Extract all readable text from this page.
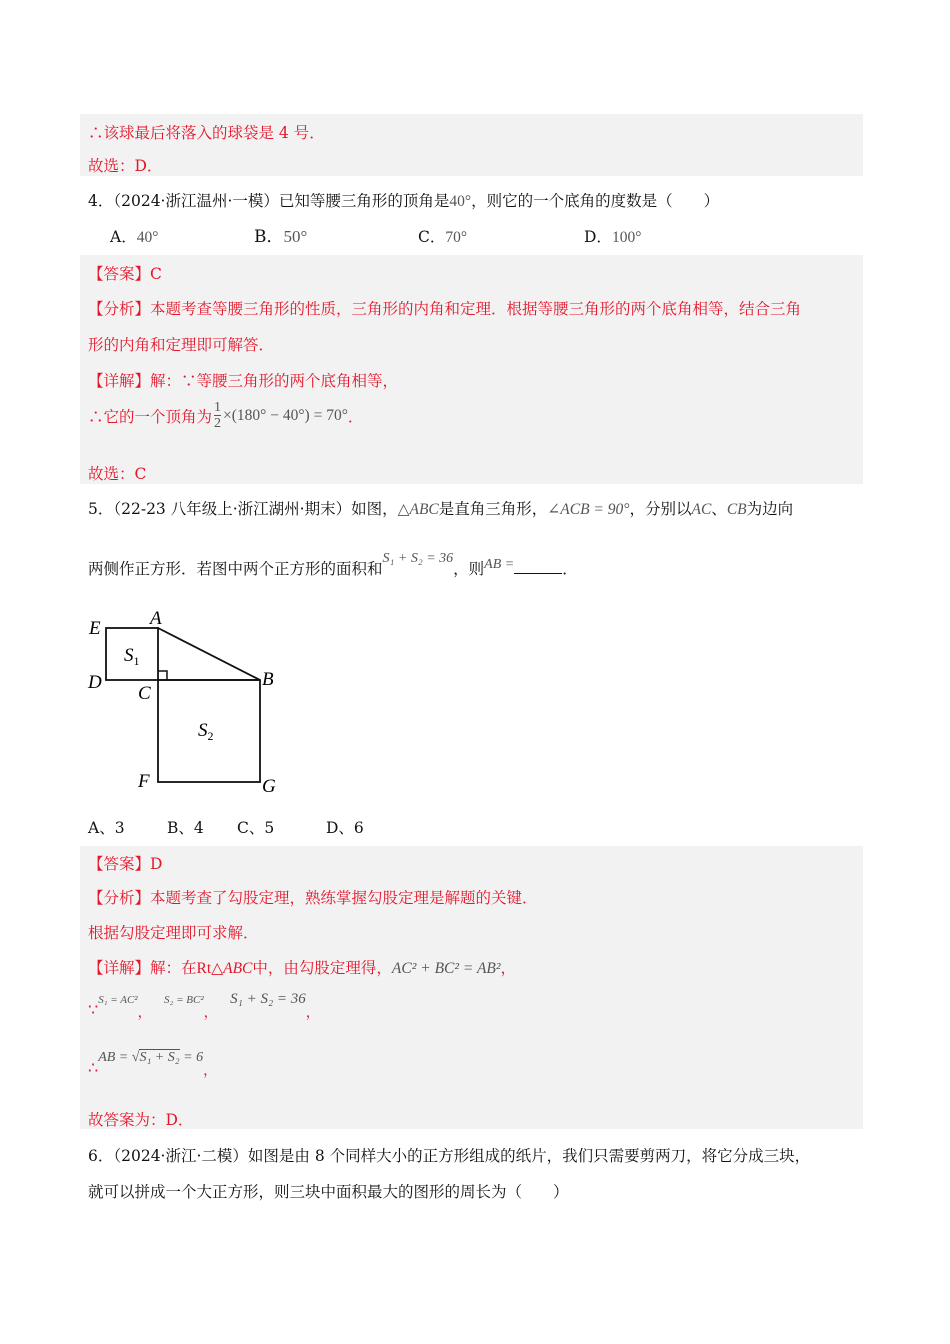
∴该球最后将落入的球袋是 4 号．
故选：D．
4．（2024·浙江温州·一模）已知等腰三角形的顶角是40°，则它的一个底角的度数是（　　）
A．40°	B．50°	C．70°	D．100°
【答案】C
【分析】本题考查等腰三角形的性质，三角形的内角和定理．根据等腰三角形的两个底角相等，结合三角
形的内角和定理即可解答．
【详解】解：∵等腰三角形的两个底角相等，
∴它的一个顶角为 $\frac{1}{2} \times(180^\circ - 40^\circ) = 70^\circ$ ．
故选：C
5．（22-23 八年级上·浙江湖州·期末）如图，△ABC是直角三角形，∠ACB = 90°，分别以AC、CB为边向
两侧作正方形．若图中两个正方形的面积和S₁ + S₂ = 36，则AB =	．
E	A
D
C
B
F	G
$S_1$
$S_2$
A、3	B、4 C、5	D、6
【答案】D
【分析】本题考查了勾股定理，熟练掌握勾股定理是解题的关键．
根据勾股定理即可求解．
【详解】解：在Rt△ABC中，由勾股定理得，AC² + BC² = AB²，
∵S₁ = AC²， S₂ = BC²， S₁ + S₂ = 36，
∴AB = √S₁ + S₂ = 6，
故答案为：D．
6．（2024·浙江·二模）如图是由 8 个同样大小的正方形组成的纸片，我们只需要剪两刀，将它分成三块，
就可以拼成一个大正方形，则三块中面积最大的图形的周长为（　　）
